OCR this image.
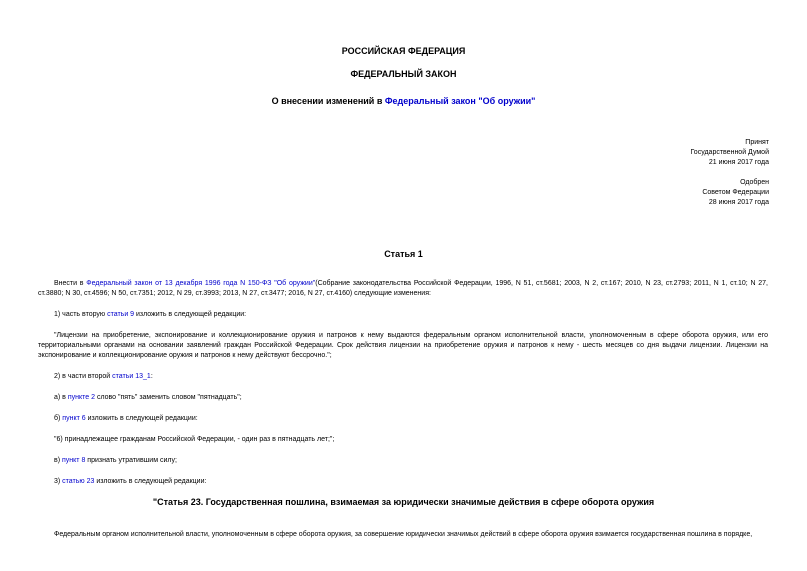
РОССИЙСКАЯ ФЕДЕРАЦИЯ
ФЕДЕРАЛЬНЫЙ ЗАКОН
О внесении изменений в Федеральный закон "Об оружии"
Принят
Государственной Думой
21 июня 2017 года
Одобрен
Советом Федерации
28 июня 2017 года
Статья 1
Внести в Федеральный закон от 13 декабря 1996 года N 150-ФЗ "Об оружии"(Собрание законодательства Российской Федерации, 1996, N 51, ст.5681; 2003, N 2, ст.167; 2010, N 23, ст.2793; 2011, N 1, ст.10; N 27, ст.3880; N 30, ст.4596; N 50, ст.7351; 2012, N 29, ст.3993; 2013, N 27, ст.3477; 2016, N 27, ст.4160) следующие изменения:
1) часть вторую статьи 9 изложить в следующей редакции:
"Лицензии на приобретение, экспонирование и коллекционирование оружия и патронов к нему выдаются федеральным органом исполнительной власти, уполномоченным в сфере оборота оружия, или его территориальными органами на основании заявлений граждан Российской Федерации. Срок действия лицензии на приобретение оружия и патронов к нему - шесть месяцев со дня выдачи лицензии. Лицензии на экспонирование и коллекционирование оружия и патронов к нему действуют бессрочно.";
2) в части второй статьи 13_1:
а) в пункте 2 слово "пять" заменить словом "пятнадцать";
б) пункт 6 изложить в следующей редакции:
"6) принадлежащее гражданам Российской Федерации, - один раз в пятнадцать лет;";
в) пункт 8 признать утратившим силу;
3) статью 23 изложить в следующей редакции:
"Статья 23. Государственная пошлина, взимаемая за юридически значимые действия в сфере оборота оружия
Федеральным органом исполнительной власти, уполномоченным в сфере оборота оружия, за совершение юридически значимых действий в сфере оборота оружия взимается государственная пошлина в порядке,
